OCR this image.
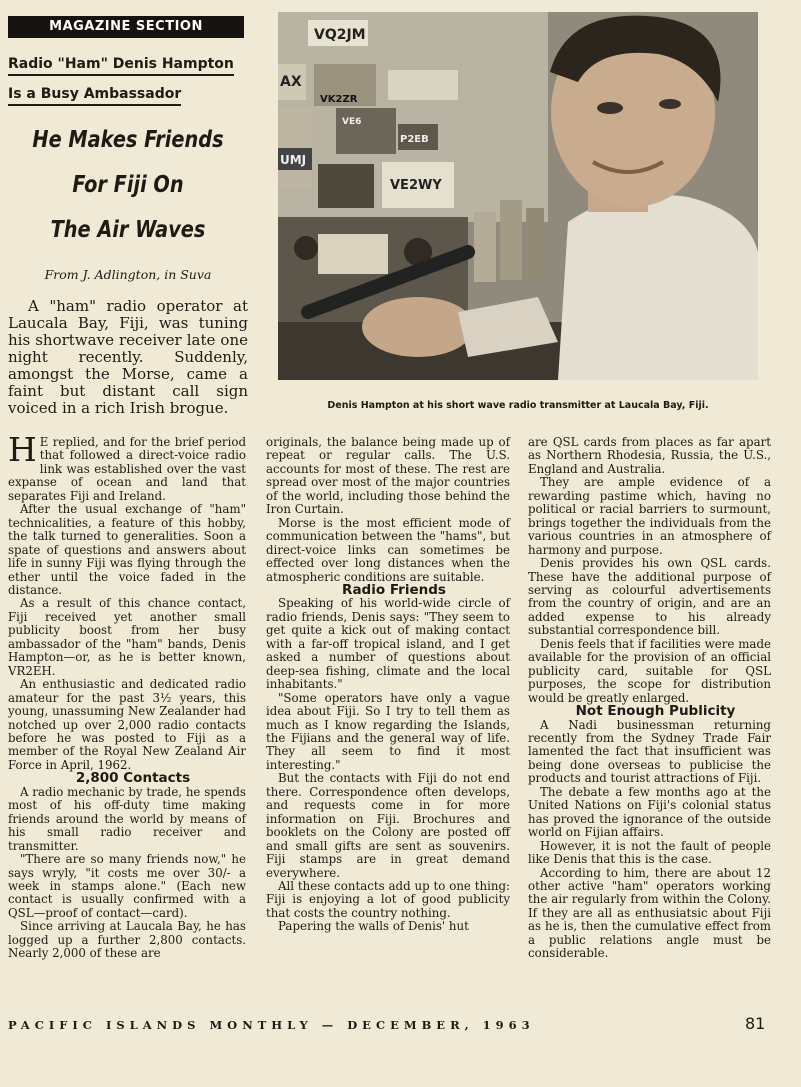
MAGAZINE SECTION
Radio "Ham" Denis Hampton
Is a Busy Ambassador
He Makes Friends
For Fiji On
The Air Waves
From J. Adlington, in Suva

A "ham" radio operator at Laucala Bay, Fiji, was tuning his shortwave receiver late one night recently. Suddenly, amongst the Morse, came a faint but distant call sign voiced in a rich Irish brogue.

VQ2JM
AX
VK2ZR
VE6
P2EB
UMJ
VE2WY
Denis Hampton at his short wave radio transmitter at Laucala Bay, Fiji.

H E replied, and for the brief period that followed a direct-voice radio link was established over the vast expanse of ocean and land that separates Fiji and Ireland.

After the usual exchange of "ham" technicalities, a feature of this hobby, the talk turned to generalities. Soon a spate of questions and answers about life in sunny Fiji was flying through the ether until the voice faded in the distance.

As a result of this chance contact, Fiji received yet another small publicity boost from her busy ambassador of the "ham" bands, Denis Hampton—or, as he is better known, VR2EH.

An enthusiastic and dedicated radio amateur for the past 3½ years, this young, unassuming New Zealander had notched up over 2,000 radio contacts before he was posted to Fiji as a member of the Royal New Zealand Air Force in April, 1962.

2,800 Contacts

A radio mechanic by trade, he spends most of his off-duty time making friends around the world by means of his small radio receiver and transmitter.

"There are so many friends now," he says wryly, "it costs me over 30/- a week in stamps alone." (Each new contact is usually confirmed with a QSL—proof of contact—card).

Since arriving at Laucala Bay, he has logged up a further 2,800 contacts. Nearly 2,000 of these are

originals, the balance being made up of repeat or regular calls. The U.S. accounts for most of these. The rest are spread over most of the major countries of the world, including those behind the Iron Curtain.

Morse is the most efficient mode of communication between the "hams", but direct-voice links can sometimes be effected over long distances when the atmospheric conditions are suitable.

Radio Friends

Speaking of his world-wide circle of radio friends, Denis says: "They seem to get quite a kick out of making contact with a far-off tropical island, and I get asked a number of questions about deep-sea fishing, climate and the local inhabitants."

"Some operators have only a vague idea about Fiji. So I try to tell them as much as I know regarding the Islands, the Fijians and the general way of life. They all seem to find it most interesting."

But the contacts with Fiji do not end there. Correspondence often develops, and requests come in for more information on Fiji. Brochures and booklets on the Colony are posted off and small gifts are sent as souvenirs. Fiji stamps are in great demand everywhere.

All these contacts add up to one thing: Fiji is enjoying a lot of good publicity that costs the country nothing.

Papering the walls of Denis' hut

are QSL cards from places as far apart as Northern Rhodesia, Russia, the U.S., England and Australia.

They are ample evidence of a rewarding pastime which, having no political or racial barriers to surmount, brings together the individuals from the various countries in an atmosphere of harmony and purpose.

Denis provides his own QSL cards. These have the additional purpose of serving as colourful advertisements from the country of origin, and are an added expense to his already substantial correspondence bill.

Denis feels that if facilities were made available for the provision of an official publicity card, suitable for QSL purposes, the scope for distribution would be greatly enlarged.

Not Enough Publicity

A Nadi businessman returning recently from the Sydney Trade Fair lamented the fact that insufficient was being done overseas to publicise the products and tourist attractions of Fiji.

The debate a few months ago at the United Nations on Fiji's colonial status has proved the ignorance of the outside world on Fijian affairs.

However, it is not the fault of people like Denis that this is the case.

According to him, there are about 12 other active "ham" operators working the air regularly from within the Colony. If they are all as enthusiatsic about Fiji as he is, then the cumulative effect from a public relations angle must be considerable.

PACIFIC ISLANDS MONTHLY — DECEMBER, 1963	81
